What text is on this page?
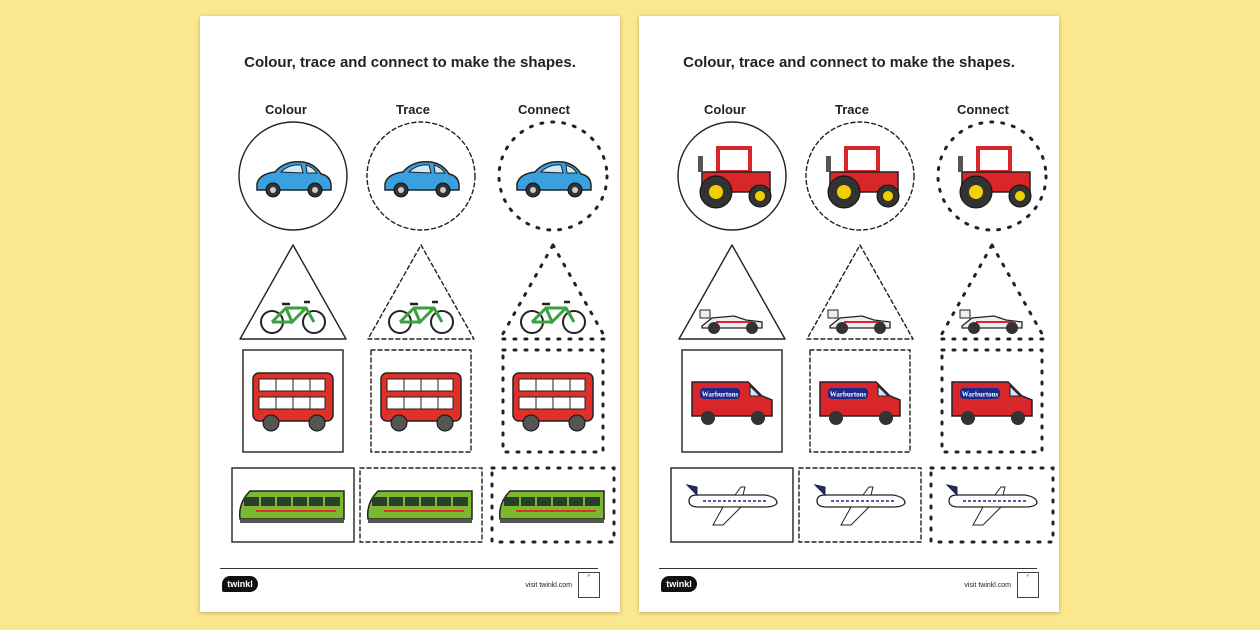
Colour, trace and connect to make the shapes.
Colour	Trace	Connect
twinkl	visit twinkl.com
✓
Colour, trace and connect to make the shapes.
Colour	Trace	Connect
Warburtons	Warburtons	Warburtons
twinkl	visit twinkl.com
✓
